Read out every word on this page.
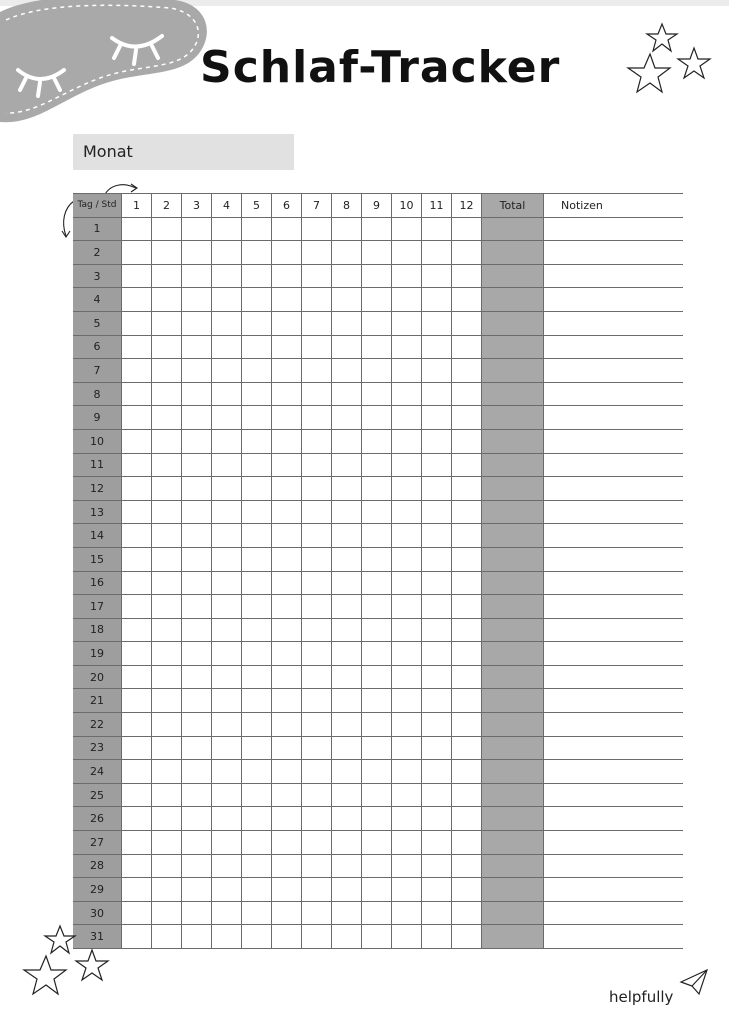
Schlaf-Tracker
Monat
Tag / Std	1	2	3	4	5	6	7	8	9	10	11	12	Total	Notizen
1														
2														
3														
4														
5														
6														
7														
8														
9														
10														
11														
12														
13														
14														
15														
16														
17														
18														
19														
20														
21														
22														
23														
24														
25														
26														
27														
28														
29														
30														
31														
helpfully
